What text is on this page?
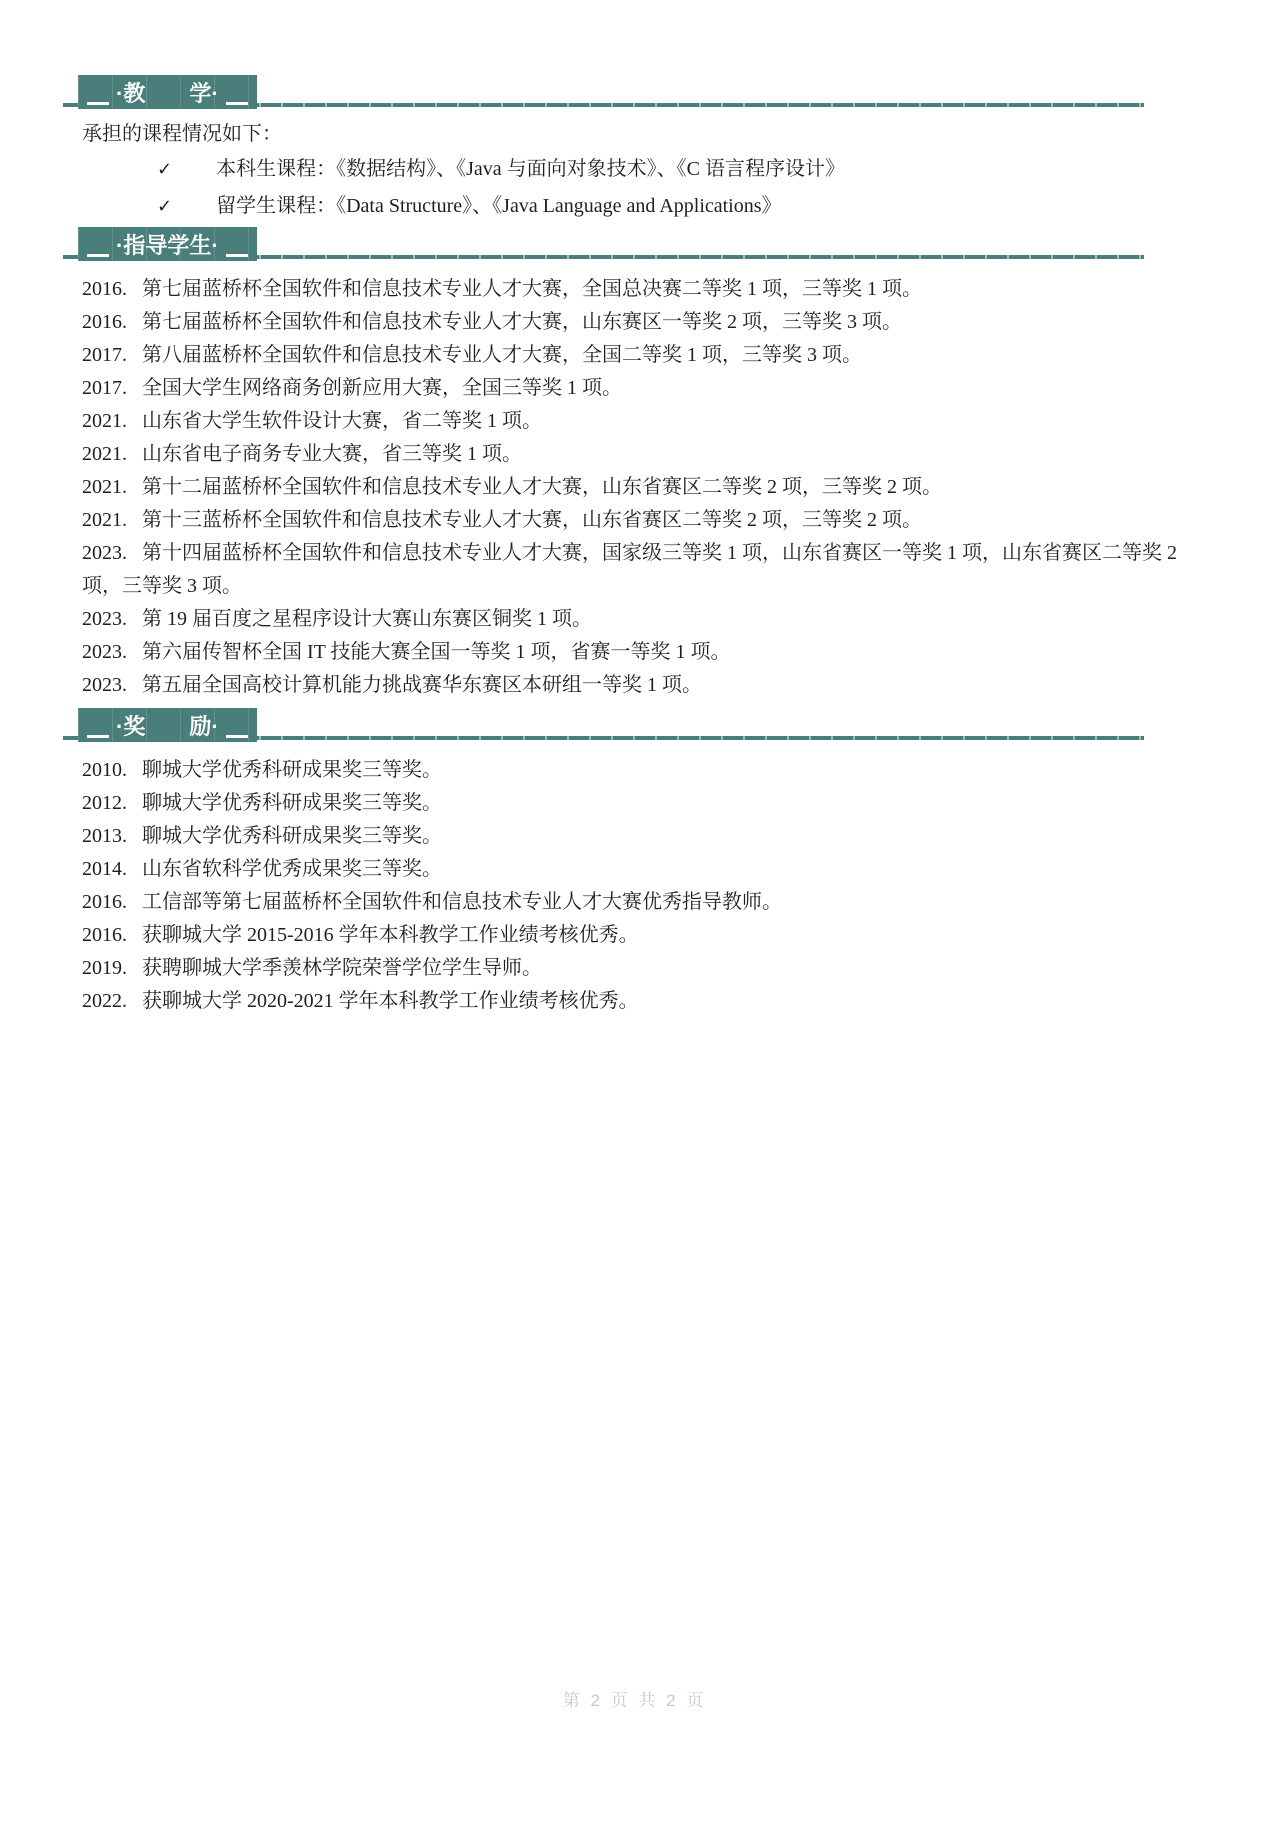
·教　　学·

承担的课程情况如下：

✓ 本科生课程：《数据结构》、《Java 与面向对象技术》、《C 语言程序设计》
✓ 留学生课程：《Data Structure》、《Java Language and Applications》
·指导学生·

2016. 第七届蓝桥杯全国软件和信息技术专业人才大赛，全国总决赛二等奖 1 项，三等奖 1 项。

2016. 第七届蓝桥杯全国软件和信息技术专业人才大赛，山东赛区一等奖 2 项，三等奖 3 项。

2017. 第八届蓝桥杯全国软件和信息技术专业人才大赛，全国二等奖 1 项，三等奖 3 项。

2017. 全国大学生网络商务创新应用大赛，全国三等奖 1 项。

2021. 山东省大学生软件设计大赛，省二等奖 1 项。

2021. 山东省电子商务专业大赛，省三等奖 1 项。

2021. 第十二届蓝桥杯全国软件和信息技术专业人才大赛，山东省赛区二等奖 2 项，三等奖 2 项。

2021. 第十三蓝桥杯全国软件和信息技术专业人才大赛，山东省赛区二等奖 2 项，三等奖 2 项。

2023. 第十四届蓝桥杯全国软件和信息技术专业人才大赛，国家级三等奖 1 项，山东省赛区一等奖 1 项，山东省赛区二等奖 2 项，三等奖 3 项。

2023. 第 19 届百度之星程序设计大赛山东赛区铜奖 1 项。

2023. 第六届传智杯全国 IT 技能大赛全国一等奖 1 项，省赛一等奖 1 项。

2023. 第五届全国高校计算机能力挑战赛华东赛区本研组一等奖 1 项。

·奖　　励·

2010. 聊城大学优秀科研成果奖三等奖。

2012. 聊城大学优秀科研成果奖三等奖。

2013. 聊城大学优秀科研成果奖三等奖。

2014. 山东省软科学优秀成果奖三等奖。

2016. 工信部等第七届蓝桥杯全国软件和信息技术专业人才大赛优秀指导教师。

2016. 获聊城大学 2015-2016 学年本科教学工作业绩考核优秀。

2019. 获聘聊城大学季羡林学院荣誉学位学生导师。

2022. 获聊城大学 2020-2021 学年本科教学工作业绩考核优秀。

第 2 页 共 2 页
